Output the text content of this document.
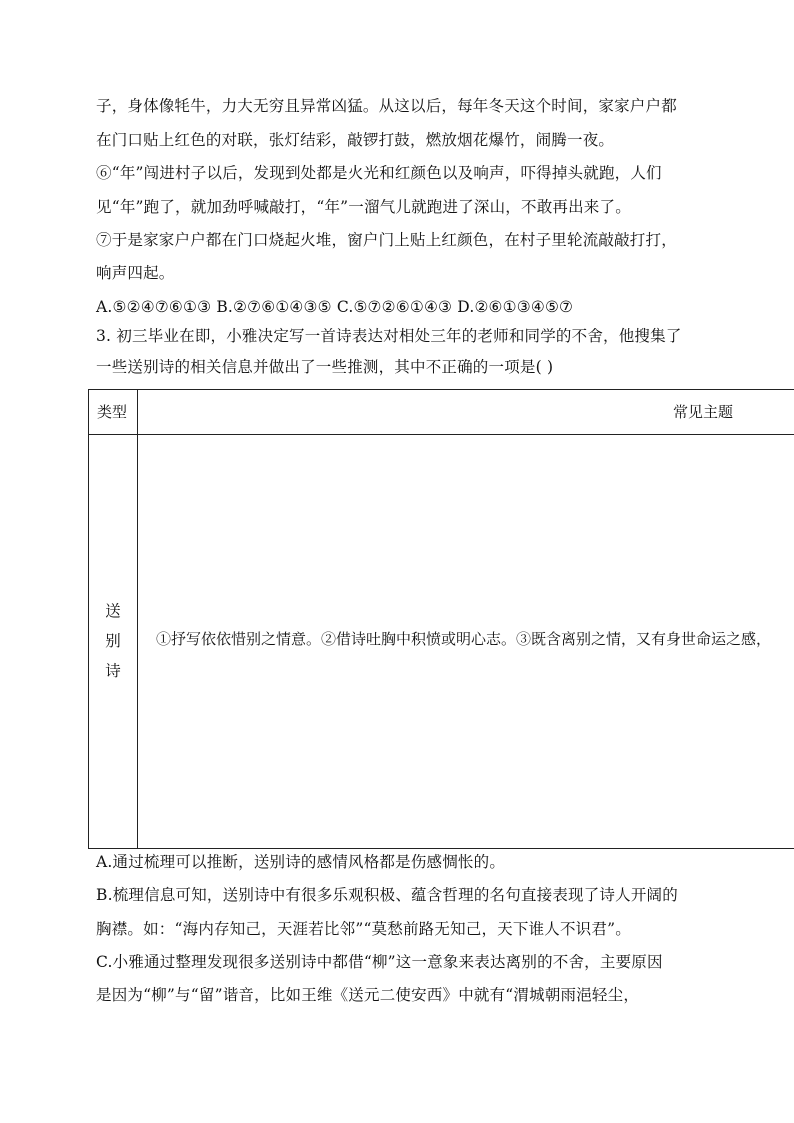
子，身体像牦牛，力大无穷且异常凶猛。从这以后，每年冬天这个时间，家家户户都
在门口贴上红色的对联，张灯结彩，敲锣打鼓，燃放烟花爆竹，闹腾一夜。
⑥“年”闯进村子以后，发现到处都是火光和红颜色以及响声，吓得掉头就跑，人们
见“年”跑了，就加劲呼喊敲打，“年”一溜气儿就跑进了深山，不敢再出来了。
⑦于是家家户户都在门口烧起火堆，窗户门上贴上红颜色，在村子里轮流敲敲打打，
响声四起。
A.⑤②④⑦⑥①③ B.②⑦⑥①④③⑤ C.⑤⑦②⑥①④③ D.②⑥①③④⑤⑦
3. 初三毕业在即，小雅决定写一首诗表达对相处三年的老师和同学的不舍，他搜集了
一些送别诗的相关信息并做出了一些推测，其中不正确的一项是( )
类型	常见主题
送
别
诗
①抒写依依惜别之情意。②借诗吐胸中积愤或明心志。③既含离别之情，又有身世命运之感，
A.通过梳理可以推断，送别诗的感情风格都是伤感惆怅的。
B.梳理信息可知，送别诗中有很多乐观积极、蕴含哲理的名句直接表现了诗人开阔的
胸襟。如：“海内存知己，天涯若比邻”“莫愁前路无知己，天下谁人不识君”。
C.小雅通过整理发现很多送别诗中都借“柳”这一意象来表达离别的不舍，主要原因
是因为“柳”与“留”谐音，比如王维《送元二使安西》中就有“渭城朝雨浥轻尘，
